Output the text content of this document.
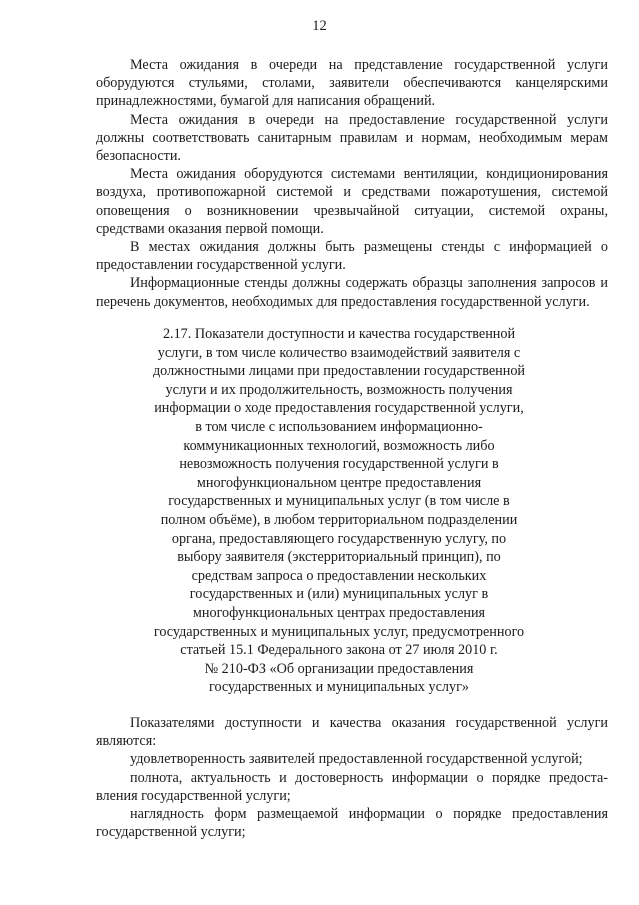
12

Места ожидания в очереди на представление государственной услуги оборудуются стульями, столами, заявители обеспечиваются канцелярскими принадлежностями, бумагой для написания обращений.

Места ожидания в очереди на предоставление государственной услуги должны соответствовать санитарным правилам и нормам, необходимым мерам безопасности.

Места ожидания оборудуются системами вентиляции, кондиционирования воздуха, противопожарной системой и средствами пожаротушения, системой оповещения о возникновении чрезвычайной ситуации, системой охраны, средствами оказания первой помощи.

В местах ожидания должны быть размещены стенды с информацией о предоставлении государственной услуги.

Информационные стенды должны содержать образцы заполнения запросов и перечень документов, необходимых для предоставления государственной услуги.

2.17. Показатели доступности и качества государственной
услуги, в том числе количество взаимодействий заявителя с
должностными лицами при предоставлении государственной
услуги и их продолжительность, возможность получения
информации о ходе предоставления государственной услуги,
в том числе с использованием информационно-
коммуникационных технологий, возможность либо
невозможность получения государственной услуги в
многофункциональном центре предоставления
государственных и муниципальных услуг (в том числе в
полном объёме), в любом территориальном подразделении
органа, предоставляющего государственную услугу, по
выбору заявителя (экстерриториальный принцип), по
средствам запроса о предоставлении нескольких
государственных и (или) муниципальных услуг в
многофункциональных центрах предоставления
государственных и муниципальных услуг, предусмотренного
статьей 15.1 Федерального закона от 27 июля 2010 г.
№ 210-ФЗ «Об организации предоставления
государственных и муниципальных услуг»

Показателями доступности и качества оказания государственной услуги являются:

удовлетворенность заявителей предоставленной государственной услугой;

полнота, актуальность и достоверность информации о порядке предоставления государственной услуги;

наглядность форм размещаемой информации о порядке предоставления государственной услуги;
